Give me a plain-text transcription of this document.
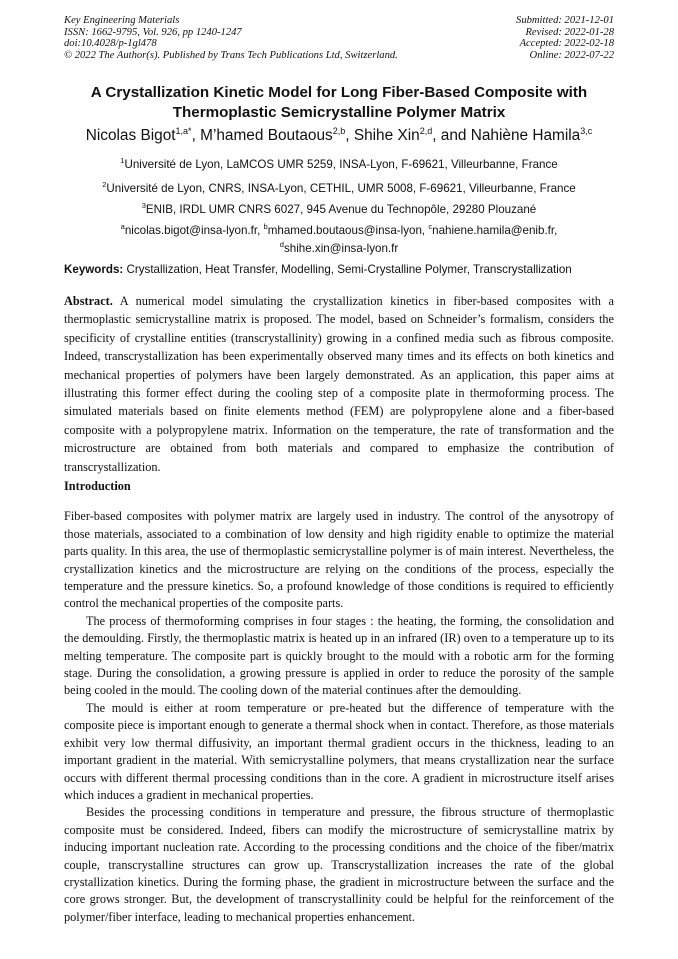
Key Engineering Materials
ISSN: 1662-9795, Vol. 926, pp 1240-1247
doi:10.4028/p-1gl478
© 2022 The Author(s). Published by Trans Tech Publications Ltd, Switzerland.
Submitted: 2021-12-01
Revised: 2022-01-28
Accepted: 2022-02-18
Online: 2022-07-22
A Crystallization Kinetic Model for Long Fiber-Based Composite with Thermoplastic Semicrystalline Polymer Matrix
Nicolas Bigot$^{1,a*}$, M’hamed Boutaous$^{2,b}$, Shihe Xin$^{2,d}$, and Nahiène Hamila$^{3,c}$
$^1$Université de Lyon, LaMCOS UMR 5259, INSA-Lyon, F-69621, Villeurbanne, France
$^2$Université de Lyon, CNRS, INSA-Lyon, CETHIL, UMR 5008, F-69621, Villeurbanne, France
$^3$ENIB, IRDL UMR CNRS 6027, 945 Avenue du Technopôle, 29280 Plouzané
$^a$nicolas.bigot@insa-lyon.fr, $^b$mhamed.boutaous@insa-lyon, $^c$nahiene.hamila@enib.fr,
$^d$shihe.xin@insa-lyon.fr
Keywords: Crystallization, Heat Transfer, Modelling, Semi-Crystalline Polymer, Transcrystallization

Abstract. A numerical model simulating the crystallization kinetics in fiber-based composites with a thermoplastic semicrystalline matrix is proposed. The model, based on Schneider’s formalism, considers the specificity of crystalline entities (transcrystallinity) growing in a confined media such as fibrous composite. Indeed, transcrystallization has been experimentally observed many times and its effects on both kinetics and mechanical properties of polymers have been largely demonstrated. As an application, this paper aims at illustrating this former effect during the cooling step of a composite plate in thermoforming process. The simulated materials based on finite elements method (FEM) are polypropylene alone and a fiber-based composite with a polypropylene matrix. Information on the temperature, the rate of transformation and the microstructure are obtained from both materials and compared to emphasize the contribution of transcrystallization.

Introduction

Fiber-based composites with polymer matrix are largely used in industry. The control of the anysotropy of those materials, associated to a combination of low density and high rigidity enable to optimize the material parts quality. In this area, the use of thermoplastic semicrystalline polymer is of main interest. Nevertheless, the crystallization kinetics and the microstructure are relying on the conditions of the process, especially the temperature and the pressure kinetics. So, a profound knowledge of those conditions is required to efficiently control the mechanical properties of the composite parts.

The process of thermoforming comprises in four stages : the heating, the forming, the consolidation and the demoulding. Firstly, the thermoplastic matrix is heated up in an infrared (IR) oven to a temperature up to its melting temperature. The composite part is quickly brought to the mould with a robotic arm for the forming stage. During the consolidation, a growing pressure is applied in order to reduce the porosity of the sample being cooled in the mould. The cooling down of the material continues after the demoulding.

The mould is either at room temperature or pre-heated but the difference of temperature with the composite piece is important enough to generate a thermal shock when in contact. Therefore, as those materials exhibit very low thermal diffusivity, an important thermal gradient occurs in the thickness, leading to an important gradient in the material. With semicrystalline polymers, that means crystallization near the surface occurs with different thermal processing conditions than in the core. A gradient in microstructure itself arises which induces a gradient in mechanical properties.

Besides the processing conditions in temperature and pressure, the fibrous structure of thermoplastic composite must be considered. Indeed, fibers can modify the microstructure of semicrystalline matrix by inducing important nucleation rate. According to the processing conditions and the choice of the fiber/matrix couple, transcrystalline structures can grow up. Transcrystallization increases the rate of the global crystallization kinetics. During the forming phase, the gradient in microstructure between the surface and the core grows stronger. But, the development of transcrystallinity could be helpful for the reinforcement of the polymer/fiber interface, leading to mechanical properties enhancement.
